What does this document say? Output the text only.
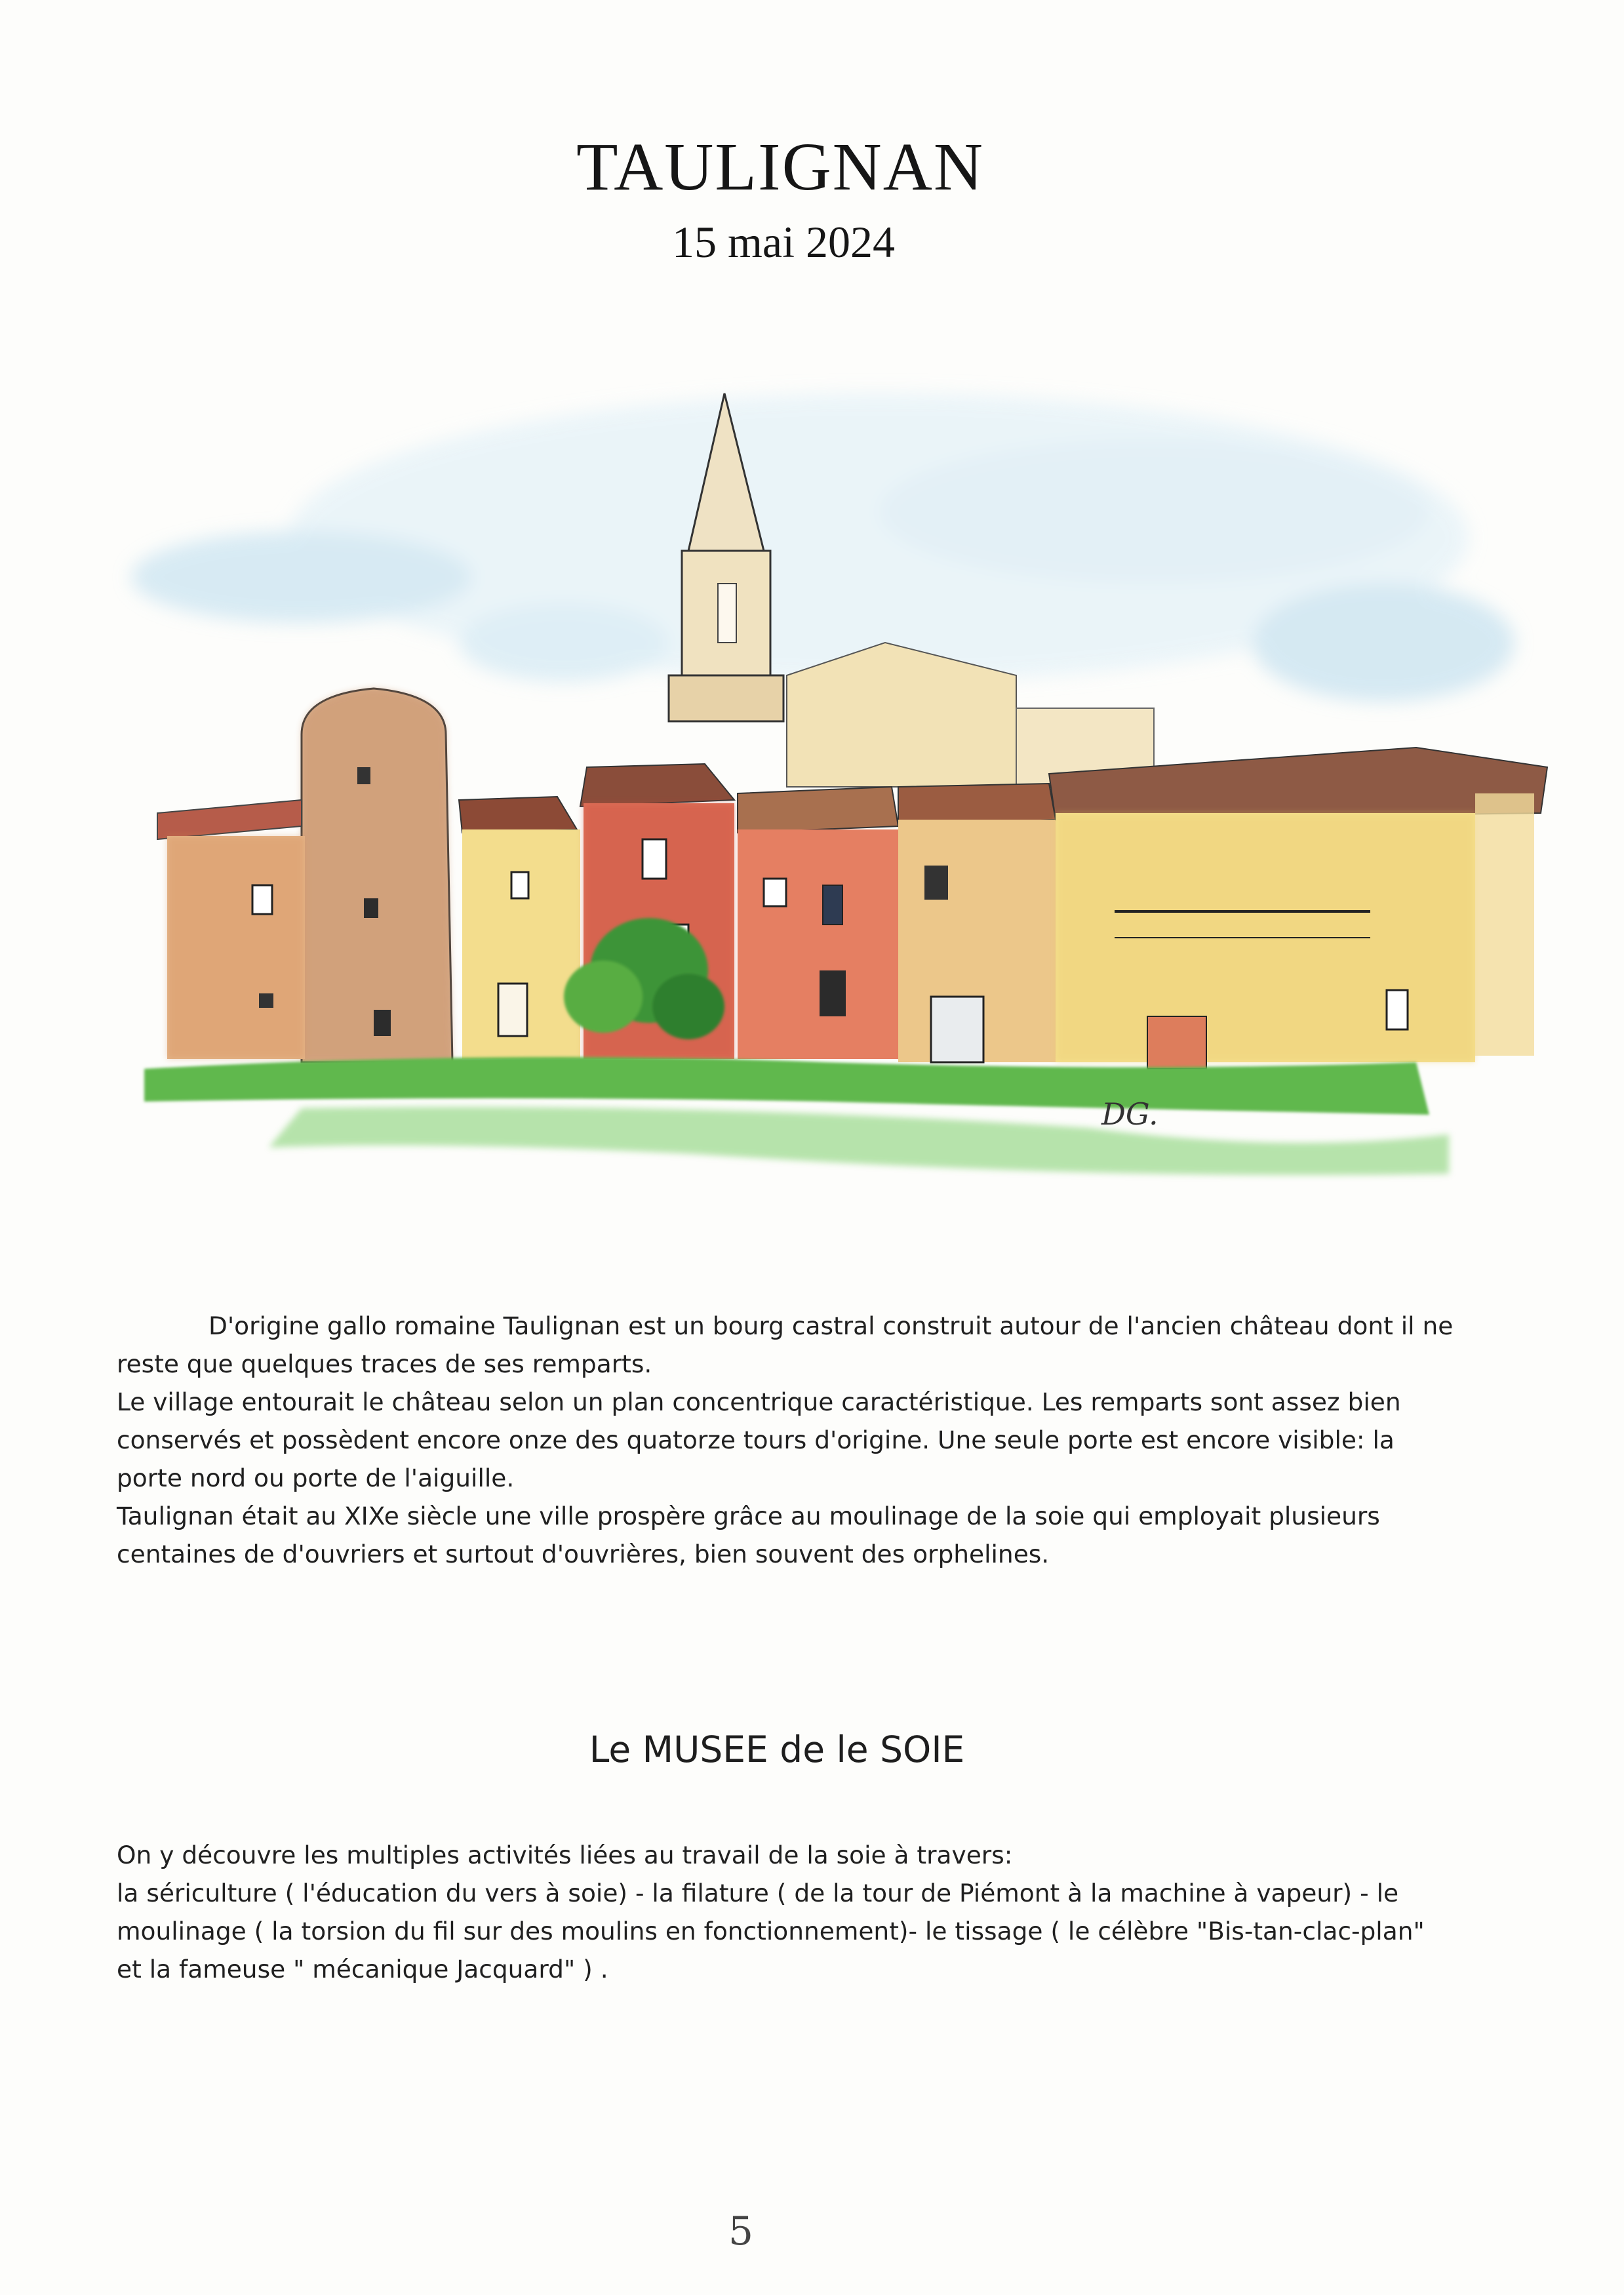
TAULIGNAN
15 mai 2024
DG.

D'origine gallo romaine Taulignan est un bourg castral construit autour de l'ancien château dont il ne reste que quelques traces de ses remparts.

Le village entourait le château selon un plan concentrique caractéristique. Les remparts sont assez bien conservés et possèdent encore onze des quatorze tours d'origine. Une seule porte est encore visible: la porte nord ou porte de l'aiguille.

Taulignan était au XIXe siècle une ville prospère grâce au moulinage de la soie qui employait plusieurs centaines de d'ouvriers et surtout d'ouvrières, bien souvent des orphelines.

Le MUSEE de le SOIE

On y découvre les multiples activités liées au travail de la soie à travers:

la sériculture ( l'éducation du vers à soie) - la filature ( de la tour de Piémont à la machine à vapeur) - le moulinage ( la torsion du fil sur des moulins en fonctionnement)- le tissage ( le célèbre "Bis-tan-clac-plan" et la fameuse " mécanique Jacquard" ) .

5
